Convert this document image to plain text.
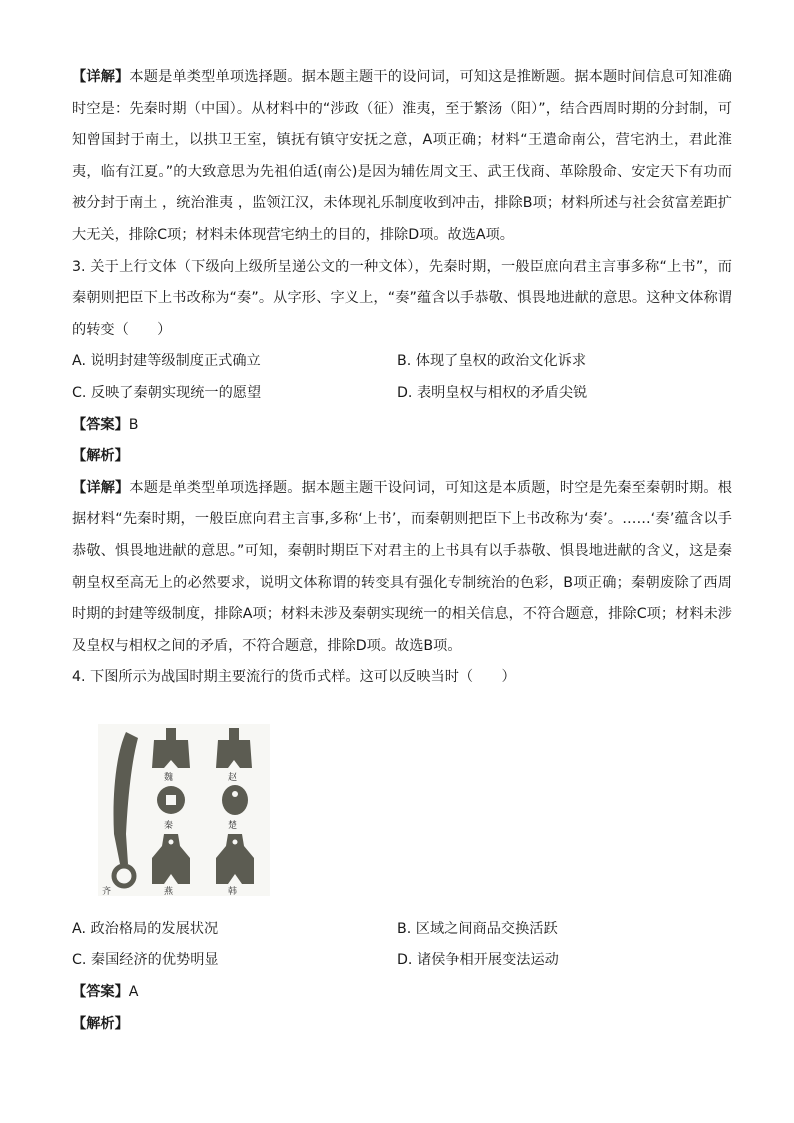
【详解】本题是单类型单项选择题。据本题主题干的设问词，可知这是推断题。据本题时间信息可知准确时空是：先秦时期（中国）。从材料中的“涉政（征）淮夷，至于繁汤（阳）”，结合西周时期的分封制，可知曾国封于南土，以拱卫王室，镇抚有镇守安抚之意，A项正确；材料“王遣命南公，营宅汭土，君此淮夷，临有江夏。”的大致意思为先祖伯适(南公)是因为辅佐周文王、武王伐商、革除殷命、安定天下有功而被分封于南土 ，统治淮夷 ，监领江汉，未体现礼乐制度收到冲击，排除B项；材料所述与社会贫富差距扩大无关，排除C项；材料未体现营宅纳土的目的，排除D项。故选A项。

3. 关于上行文体（下级向上级所呈递公文的一种文体），先秦时期，一般臣庶向君主言事多称“上书”，而秦朝则把臣下上书改称为“奏”。从字形、字义上，“奏”蕴含以手恭敬、惧畏地进献的意思。这种文体称谓的转变（　　）

A. 说明封建等级制度正式确立	B. 体现了皇权的政治文化诉求
C. 反映了秦朝实现统一的愿望	D. 表明皇权与相权的矛盾尖锐

【答案】B

【解析】

【详解】本题是单类型单项选择题。据本题主题干设问词，可知这是本质题，时空是先秦至秦朝时期。根据材料“先秦时期，一般臣庶向君主言事,多称‘上书’，而秦朝则把臣下上书改称为‘奏’。……‘奏’蕴含以手恭敬、惧畏地进献的意思。”可知，秦朝时期臣下对君主的上书具有以手恭敬、惧畏地进献的含义，这是秦朝皇权至高无上的必然要求，说明文体称谓的转变具有强化专制统治的色彩，B项正确；秦朝废除了西周时期的封建等级制度，排除A项；材料未涉及秦朝实现统一的相关信息，不符合题意，排除C项；材料未涉及皇权与相权之间的矛盾，不符合题意，排除D项。故选B项。

4. 下图所示为战国时期主要流行的货币式样。这可以反映当时（　　）

魏	赵
秦	楚
齐	燕	韩
A. 政治格局的发展状况	B. 区域之间商品交换活跃
C. 秦国经济的优势明显	D. 诸侯争相开展变法运动

【答案】A

【解析】
